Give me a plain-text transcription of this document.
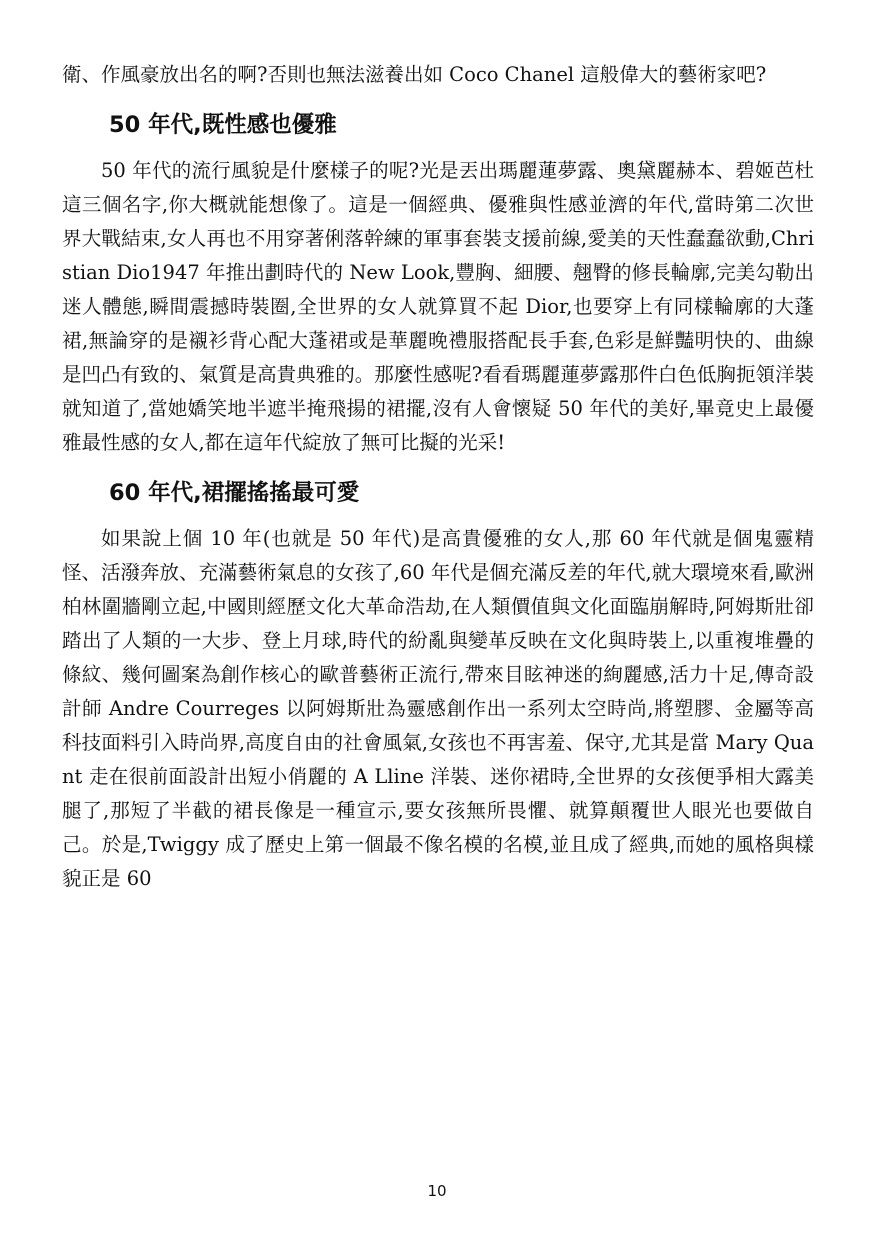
衛、作風豪放出名的啊?否則也無法滋養出如 Coco Chanel 這般偉大的藝術家吧?

50 年代,既性感也優雅

50 年代的流行風貌是什麼樣子的呢?光是丟出瑪麗蓮夢露、奧黛麗赫本、碧姬芭杜這三個名字,你大概就能想像了。這是一個經典、優雅與性感並濟的年代,當時第二次世界大戰結束,女人再也不用穿著俐落幹練的軍事套裝支援前線,愛美的天性蠢蠢欲動,Christian Dio1947 年推出劃時代的 New Look,豐胸、細腰、翹臀的修長輪廓,完美勾勒出迷人體態,瞬間震撼時裝圈,全世界的女人就算買不起 Dior,也要穿上有同樣輪廓的大蓬裙,無論穿的是襯衫背心配大蓬裙或是華麗晚禮服搭配長手套,色彩是鮮豔明快的、曲線是凹凸有致的、氣質是高貴典雅的。那麼性感呢?看看瑪麗蓮夢露那件白色低胸扼領洋裝就知道了,當她嬌笑地半遮半掩飛揚的裙擺,沒有人會懷疑 50 年代的美好,畢竟史上最優雅最性感的女人,都在這年代綻放了無可比擬的光采!

60 年代,裙擺搖搖最可愛

如果說上個 10 年(也就是 50 年代)是高貴優雅的女人,那 60 年代就是個鬼靈精怪、活潑奔放、充滿藝術氣息的女孩了,60 年代是個充滿反差的年代,就大環境來看,歐洲柏林圍牆剛立起,中國則經歷文化大革命浩劫,在人類價值與文化面臨崩解時,阿姆斯壯卻踏出了人類的一大步、登上月球,時代的紛亂與變革反映在文化與時裝上,以重複堆疊的條紋、幾何圖案為創作核心的歐普藝術正流行,帶來目眩神迷的絢麗感,活力十足,傳奇設計師 Andre Courreges 以阿姆斯壯為靈感創作出一系列太空時尚,將塑膠、金屬等高科技面料引入時尚界,高度自由的社會風氣,女孩也不再害羞、保守,尤其是當 Mary Quant 走在很前面設計出短小俏麗的 A Lline 洋裝、迷你裙時,全世界的女孩便爭相大露美腿了,那短了半截的裙長像是一種宣示,要女孩無所畏懼、就算顛覆世人眼光也要做自己。於是,Twiggy 成了歷史上第一個最不像名模的名模,並且成了經典,而她的風格與樣貌正是 60

10
